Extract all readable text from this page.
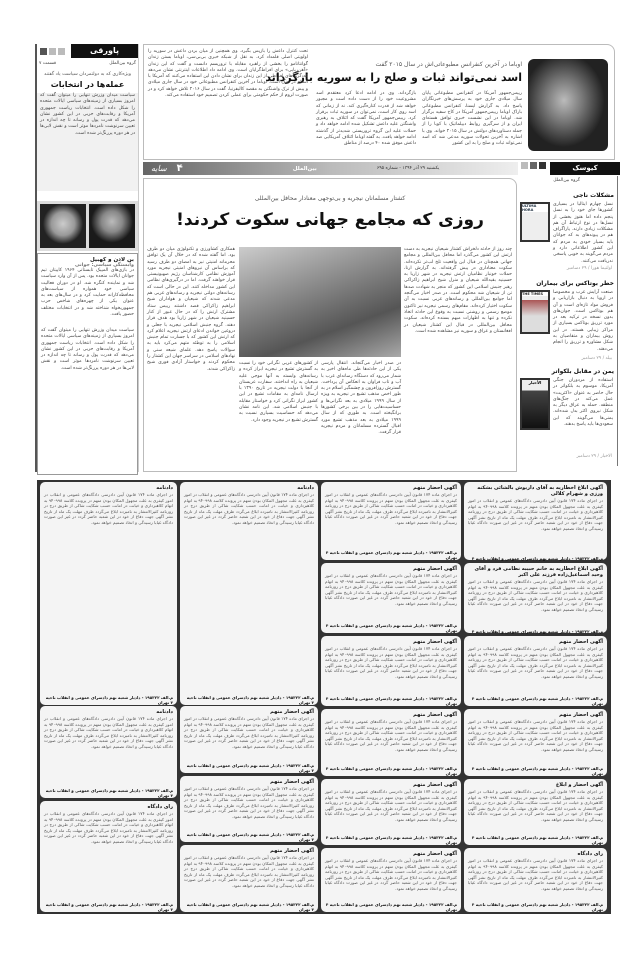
پاورقی
گروه بین‌الملل
قسمت ۷
ویژه‌کاری که به دولتمردان سیاست یاد گفتند
عمله‌ها در انتخابات
سیاست میدان وزرش تنهایی را میتوان گفت که امروز بسیاری از زمینه‌های سیاسی ایالات متحده را شکل داده است. انتخابات ریاست جمهوری آمریکا و رقابت‌های حزبی در این کشور نشان می‌دهد که قدرت پول و رسانه تا چه اندازه در تعیین سرنوشت نامزدها موثر است و نقش لابی‌ها در هر دوره پررنگ‌تر شده است.
بن لادن و کهبیل
وابستگی سیاسی: جوانی
در بازی‌های المپیک تابستانی ۱۹۶۴ کاپیتان تیم جوانان ایالات متحده بود. پس از آن وارد سیاست شد و نماینده کنگره شد. او در دوران فعالیت سیاسی خود همواره از سیاست‌های محافظه‌کارانه حمایت کرد و در سال‌های بعد به عنوان یکی از چهره‌های شاخص حزب جمهوریخواه شناخته شد و در انتخابات مختلف حضور یافت.
سیاست میدان وزرش تنهایی را میتوان گفت که امروز بسیاری از زمینه‌های سیاسی ایالات متحده را شکل داده است. انتخابات ریاست جمهوری آمریکا و رقابت‌های حزبی در این کشور نشان می‌دهد که قدرت پول و رسانه تا چه اندازه در تعیین سرنوشت نامزدها موثر است و نقش لابی‌ها در هر دوره پررنگ‌تر شده است.
اوباما در آخرین کنفرانس مطبوعاتی‌اش در سال ۲۰۱۵ گفت
اسد نمی‌تواند ثبات و صلح را به سوریه بازگرداند
رییس‌جمهور آمریکا در کنفرانس مطبوعاتی پایان سال میلادی جاری خود به پرسش‌های خبرنگاران پاسخ داد. به گزارش ایسنا، کنفرانس مطبوعاتی باراک اوباما رییس‌جمهور آمریکا در کاخ سفید برگزار شد. اوباما در این نشست خبری توافق هسته‌ای ایران و از سرگیری روابط دیپلماتیک با کوبا را از جمله دستاوردهای دولتش در سال ۲۰۱۵ خواند. وی با اشاره به آخرین تحولات سوریه مدعی شد که اسد نمی‌تواند ثبات و صلح را به این کشور
بازگرداند. وی در ادامه ادعا کرد معتقدم اسد مشروعیت خود را از دست داده است و مجبور خواهد شد از قدرت کناره‌گیری کند. نه از زمانی که اسد روی کار است، نمی‌توان در سوریه ثبات برقرار کرد. رییس‌جمهور آمریکا گفت که ائتلاف به رهبری واشنگتن علیه داعش تشکیل شده ادامه خواهد داد و حملات علیه این گروه تروریستی شدیدتر از گذشته ادامه خواهد یافت. به گفته اوباما ائتلاف آمریکایی صد داعش موفق شده ۴۰ درصد از مناطق
تحت کنترل داعش را بازپس بگیرد. وی همچنین از میان بردن داعش در سوریه را اولویتی اصلی قلمداد کرد. به نقل از شبکه خبری بی‌بی‌سی، اوباما بستن زندان گوانتانامو را بخشی از راهبرد مقابله با تروریسم دانست و گفت که این زندان «آهن‌ربایی» برای افراط‌گرایان است. وی ادامه داد اطلاعات اینترنتی نشان می‌دهد که گروه‌های افراطی از این زندان برای نشان دادن این استفاده می‌کنند که آمریکا با اسلام در جنگ است. اوباما در آخرین کنفرانس مطبوعاتی خود در سال جاری میلادی و پیش از ترک واشنگتن به مقصد کالیفرنیا، گفت در سال ۲۰۱۶ تلاش خواهد کرد و در صورت لزوم از حکم حکومتی برای عملی کردن تصمیم خود استفاده می‌کند.
سایه ۴	بین‌الملل	یکشنبه ۲۹ آذر ۱۳۹۴ - شماره ۶۹۵	کیوسک
گروه بین‌الملل
مشکلات ناجی
ULTIMA HORA
نسل چهارم ایتالیا در بسیاری کشورها جای خود را به نسل پنجم داده اما هنوز بخشی از نسل‌ها در نوع ارتباط آن هم مشکلات زیادی دارند. پاراگراف هم در پیوندهای به که جوانان باید بسیار خودی به مردم که این کشور اطلاعاتی دارد و مردم می‌گویند به خوبی پاسخی ندریافت می‌کنند.
اولتیما هورا / ۲۹ دسامبر
خطر بوتاکس برای بیماران
THE TIMES	صنعت آرایش غرب و مخصوصا در اروپا به دنبال بازاریابی و فروش مواد تازه‌ای است و آن هم بوتاکس است. جوان‌های بدون نسخه در ترکیه بعد در مورد تزریق بوتاکس بسیاری از مراکز زیبایی هستند. در این روش بیماران و متقاضیان به شکل مشاوره و تزریق را انجام می‌دهند.
بیلد / ۲۹ دسامبر
یمن در مقابل بلکواتر
الأخبار	استفاده از مزدوران جنگی آمریکا، موسوم به بلکواتر در حال حاضر به عنوان «اکثریت» عمل می‌کند در جنگ‌های منطقه. حمله به عراق دیگر به شکل نیروی اکثر بدل شده‌اند. یمنی‌ها می‌گویند که این سعودی‌ها باید پاسخ بدهند.
الاخبار / ۲۹ دسامبر
کشتار مسلمانان نیجریه و بی‌توجهی معنادار محافل بین‌المللی
روزی که مجامع جهانی سکوت کردند!
چند روز از حادثه دلخراش کشتار شیعیان نیجریه به دست ارتش این کشور می‌گذرد اما محافل بین‌المللی و مجامع جهانی همچنان در قبال این واقعیت تلخ لب‌تر نکرده‌اند. سکوت معناداری در پیش گرفته‌اند. به گزارش ارنا، حملات خونبار نظامیان ارتش نیجریه در شهر زاریا به حسینیه بقیه‌الله شیعیان و منزل شیخ ابراهیم زاکزاکی رهبر جنبش اسلامی این کشور که منجر به شهادت صدها تن از شیعیان شد محکوم است. در صدر اخبار می‌گنجد اما جوامع بین‌المللی و رسانه‌های غربی نسبت به آن سکوت اختیار کرده‌اند. مقام‌های رسمی نیجریه نیز تاکنون موضع رسمی و روشنی نسبت به وقوع این حادثه اتخاذ نکرده و تنها به اظهارات مبهم بسنده کرده‌اند. سکوت محافل بین‌المللی در قبال این کشتار شیعیان در افغانستان و عراق و سوریه نیز مشاهده شده است.
در صدر اخبار می‌گنجاند. انتقال پارسی یکی از این حادثه‌ها طی ماه‌های اخیر به شمار می‌رود که دستگاه رسانه‌ای غرب با آب و تاب فراوان به انعکاس آن پرداخت. گسترش روزافزون و چشمگیر اسلام در به طور اخص مذهب تشیع در نیجریه به ویژه از سال ۱۹۹۹ میلادی به بعد نگرانی‌ها و حساسیت‌هایی را در بین برخی کشورها برانگیخته است. به طوری که از سال ۱۹۹۹ میلادی به بعد مذهب تشیع مورد اقبال گسترده مسلمانان و مردم نیجریه قرار گرفت.
از کشورهای عربی نگرانی خود را نسبت به گسترش تشیع در نیجریه ابراز کرده و رسانه‌های وابسته به آنها موجی علیه شیعیان به راه انداختند. سفارت عربستان از آنجا با دولت نیجریه در تاریخ ۱۳۹۰ با ارسال نامه‌ای به مقامات تشیع در این کشور ابراز نگرانی کرد و خواستار مقابله با جنبش اسلامی شد. این نامه نشان می‌دهد که حساسیت بسیاری نسبت به گسترش تشیع در نیجریه وجود دارد.
همکاری کشاورزی و تکنولوژی میان دو طرف بود. اما گفته شده که در خلال آن یک توافق محرمانه امنیتی نیز به امضای دو طرف رسید که براساس آن نیروهای امنیتی نیجریه مورد آموزش نظامی کارشناسان رژیم صهیونیستی قرار خواهند گرفت. اما در درگیری‌های نظامی این کشور مداخله کنند. این در حالی است که رسانه‌های دولتی نیجریه و رسانه‌های غربی هم مدعی شدند که شیعیان و هواداران شیخ ابراهیم زاکزاکی قصد داشتند رییس ستاد مشترک ارتش را که در حال عبور از کنار حسینیه شیعیان در شهر زاریا بود هدف قرار دهند. گروه جنبش اسلامی نیجریه با جعلی و دروغین خواندن ادعای ارتش نیجریه اعلام کرد که ارتش این کشور که با جسارت تمام جنبش اسلامی را به توطئه متهم می‌کرد باید به سوالات پاسخ دهد. علمای شیعه سنی و نهادهای اسلامی در سراسر جهان این کشتار را محکوم کردند و خواستار آزادی فوری شیخ زاکزاکی شدند.
دادنامه
در اجرای ماده ۱۷۴ قانون آیین دادرسی دادگاه‌های عمومی و انقلاب در امور کیفری به علت مجهول المکان بودن متهم در پرونده کلاسه ۹۴۰۹۹۸ به اتهام کلاهبرداری و خیانت در امانت حسب شکایت شاکی از طریق درج در روزنامه کثیرالانتشار به نامبرده ابلاغ می‌گردد ظرف مهلت یک ماه از تاریخ نشر آگهی جهت دفاع از خود در این شعبه حاضر گردد در غیر این صورت دادگاه غیابا رسیدگی و اتخاذ تصمیم خواهد نمود.
م.الف ۱۹۵۳۲۲ - دادیار شعبه نهم دادسرای عمومی و انقلاب ناحیه ۴ تهران
دادنامه
در اجرای ماده ۱۷۴ قانون آیین دادرسی دادگاه‌های عمومی و انقلاب در امور کیفری به علت مجهول المکان بودن متهم در پرونده کلاسه ۹۴۰۹۹۸ به اتهام کلاهبرداری و خیانت در امانت حسب شکایت شاکی از طریق درج در روزنامه کثیرالانتشار به نامبرده ابلاغ می‌گردد ظرف مهلت یک ماه از تاریخ نشر آگهی جهت دفاع از خود در این شعبه حاضر گردد در غیر این صورت دادگاه غیابا رسیدگی و اتخاذ تصمیم خواهد نمود.
م.الف ۱۹۵۳۲۲ - دادیار شعبه نهم دادسرای عمومی و انقلاب ناحیه ۴ تهران
رای دادگاه
در اجرای ماده ۱۷۴ قانون آیین دادرسی دادگاه‌های عمومی و انقلاب در امور کیفری به علت مجهول المکان بودن متهم در پرونده کلاسه ۹۴۰۹۹۸ به اتهام کلاهبرداری و خیانت در امانت حسب شکایت شاکی از طریق درج در روزنامه کثیرالانتشار به نامبرده ابلاغ می‌گردد ظرف مهلت یک ماه از تاریخ نشر آگهی جهت دفاع از خود در این شعبه حاضر گردد در غیر این صورت دادگاه غیابا رسیدگی و اتخاذ تصمیم خواهد نمود.
م.الف ۱۹۵۳۲۲ - دادیار شعبه نهم دادسرای عمومی و انقلاب ناحیه ۴ تهران
دادنامه
در اجرای ماده ۱۷۴ قانون آیین دادرسی دادگاه‌های عمومی و انقلاب در امور کیفری به علت مجهول المکان بودن متهم در پرونده کلاسه ۹۴۰۹۹۸ به اتهام کلاهبرداری و خیانت در امانت حسب شکایت شاکی از طریق درج در روزنامه کثیرالانتشار به نامبرده ابلاغ می‌گردد ظرف مهلت یک ماه از تاریخ نشر آگهی جهت دفاع از خود در این شعبه حاضر گردد در غیر این صورت دادگاه غیابا رسیدگی و اتخاذ تصمیم خواهد نمود.
م.الف ۱۹۵۳۲۲ - دادیار شعبه نهم دادسرای عمومی و انقلاب ناحیه ۴ تهران
آگهی احضار متهم
در اجرای ماده ۱۷۴ قانون آیین دادرسی دادگاه‌های عمومی و انقلاب در امور کیفری به علت مجهول المکان بودن متهم در پرونده کلاسه ۹۴۰۹۹۸ به اتهام کلاهبرداری و خیانت در امانت حسب شکایت شاکی از طریق درج در روزنامه کثیرالانتشار به نامبرده ابلاغ می‌گردد ظرف مهلت یک ماه از تاریخ نشر آگهی جهت دفاع از خود در این شعبه حاضر گردد در غیر این صورت دادگاه غیابا رسیدگی و اتخاذ تصمیم خواهد نمود.
م.الف ۱۹۵۳۲۲ - دادیار شعبه نهم دادسرای عمومی و انقلاب ناحیه ۴ تهران
آگهی احضار متهم
در اجرای ماده ۱۷۴ قانون آیین دادرسی دادگاه‌های عمومی و انقلاب در امور کیفری به علت مجهول المکان بودن متهم در پرونده کلاسه ۹۴۰۹۹۸ به اتهام کلاهبرداری و خیانت در امانت حسب شکایت شاکی از طریق درج در روزنامه کثیرالانتشار به نامبرده ابلاغ می‌گردد ظرف مهلت یک ماه از تاریخ نشر آگهی جهت دفاع از خود در این شعبه حاضر گردد در غیر این صورت دادگاه غیابا رسیدگی و اتخاذ تصمیم خواهد نمود.
م.الف ۱۹۵۳۲۲ - دادیار شعبه نهم دادسرای عمومی و انقلاب ناحیه ۴ تهران
آگهی احضار متهم
در اجرای ماده ۱۷۴ قانون آیین دادرسی دادگاه‌های عمومی و انقلاب در امور کیفری به علت مجهول المکان بودن متهم در پرونده کلاسه ۹۴۰۹۹۸ به اتهام کلاهبرداری و خیانت در امانت حسب شکایت شاکی از طریق درج در روزنامه کثیرالانتشار به نامبرده ابلاغ می‌گردد ظرف مهلت یک ماه از تاریخ نشر آگهی جهت دفاع از خود در این شعبه حاضر گردد در غیر این صورت دادگاه غیابا رسیدگی و اتخاذ تصمیم خواهد نمود.
م.الف ۱۹۵۳۲۲ - دادیار شعبه نهم دادسرای عمومی و انقلاب ناحیه ۴ تهران
آگهی احضار متهم
در اجرای ماده ۱۷۴ قانون آیین دادرسی دادگاه‌های عمومی و انقلاب در امور کیفری به علت مجهول المکان بودن متهم در پرونده کلاسه ۹۴۰۹۹۸ به اتهام کلاهبرداری و خیانت در امانت حسب شکایت شاکی از طریق درج در روزنامه کثیرالانتشار به نامبرده ابلاغ می‌گردد ظرف مهلت یک ماه از تاریخ نشر آگهی جهت دفاع از خود در این شعبه حاضر گردد در غیر این صورت دادگاه غیابا رسیدگی و اتخاذ تصمیم خواهد نمود.
م.الف ۱۹۵۳۲۲ - دادیار شعبه نهم دادسرای عمومی و انقلاب ناحیه ۴ تهران
آگهی احضار متهم
در اجرای ماده ۱۷۴ قانون آیین دادرسی دادگاه‌های عمومی و انقلاب در امور کیفری به علت مجهول المکان بودن متهم در پرونده کلاسه ۹۴۰۹۹۸ به اتهام کلاهبرداری و خیانت در امانت حسب شکایت شاکی از طریق درج در روزنامه کثیرالانتشار به نامبرده ابلاغ می‌گردد ظرف مهلت یک ماه از تاریخ نشر آگهی جهت دفاع از خود در این شعبه حاضر گردد در غیر این صورت دادگاه غیابا رسیدگی و اتخاذ تصمیم خواهد نمود.
م.الف ۱۹۵۳۲۲ - دادیار شعبه نهم دادسرای عمومی و انقلاب ناحیه ۴ تهران
آگهی احضار متهم
در اجرای ماده ۱۷۴ قانون آیین دادرسی دادگاه‌های عمومی و انقلاب در امور کیفری به علت مجهول المکان بودن متهم در پرونده کلاسه ۹۴۰۹۹۸ به اتهام کلاهبرداری و خیانت در امانت حسب شکایت شاکی از طریق درج در روزنامه کثیرالانتشار به نامبرده ابلاغ می‌گردد ظرف مهلت یک ماه از تاریخ نشر آگهی جهت دفاع از خود در این شعبه حاضر گردد در غیر این صورت دادگاه غیابا رسیدگی و اتخاذ تصمیم خواهد نمود.
م.الف ۱۹۵۳۲۲ - دادیار شعبه نهم دادسرای عمومی و انقلاب ناحیه ۴ تهران
آگهی احضار متهم
در اجرای ماده ۱۷۴ قانون آیین دادرسی دادگاه‌های عمومی و انقلاب در امور کیفری به علت مجهول المکان بودن متهم در پرونده کلاسه ۹۴۰۹۹۸ به اتهام کلاهبرداری و خیانت در امانت حسب شکایت شاکی از طریق درج در روزنامه کثیرالانتشار به نامبرده ابلاغ می‌گردد ظرف مهلت یک ماه از تاریخ نشر آگهی جهت دفاع از خود در این شعبه حاضر گردد در غیر این صورت دادگاه غیابا رسیدگی و اتخاذ تصمیم خواهد نمود.
م.الف ۱۹۵۳۲۲ - دادیار شعبه نهم دادسرای عمومی و انقلاب ناحیه ۴ تهران
آگهی احضار متهم
در اجرای ماده ۱۷۴ قانون آیین دادرسی دادگاه‌های عمومی و انقلاب در امور کیفری به علت مجهول المکان بودن متهم در پرونده کلاسه ۹۴۰۹۹۸ به اتهام کلاهبرداری و خیانت در امانت حسب شکایت شاکی از طریق درج در روزنامه کثیرالانتشار به نامبرده ابلاغ می‌گردد ظرف مهلت یک ماه از تاریخ نشر آگهی جهت دفاع از خود در این شعبه حاضر گردد در غیر این صورت دادگاه غیابا رسیدگی و اتخاذ تصمیم خواهد نمود.
م.الف ۱۹۵۳۲۲ - دادیار شعبه نهم دادسرای عمومی و انقلاب ناحیه ۴ تهران
آگهی احضار متهم
در اجرای ماده ۱۷۴ قانون آیین دادرسی دادگاه‌های عمومی و انقلاب در امور کیفری به علت مجهول المکان بودن متهم در پرونده کلاسه ۹۴۰۹۹۸ به اتهام کلاهبرداری و خیانت در امانت حسب شکایت شاکی از طریق درج در روزنامه کثیرالانتشار به نامبرده ابلاغ می‌گردد ظرف مهلت یک ماه از تاریخ نشر آگهی جهت دفاع از خود در این شعبه حاضر گردد در غیر این صورت دادگاه غیابا رسیدگی و اتخاذ تصمیم خواهد نمود.
م.الف ۱۹۵۳۲۲ - دادیار شعبه نهم دادسرای عمومی و انقلاب ناحیه ۴ تهران
آگهی ابلاغ اخطاریه به آقای داریوش بالشائی بشکنه ورزی و شهرام کلالی
در اجرای ماده ۱۷۴ قانون آیین دادرسی دادگاه‌های عمومی و انقلاب در امور کیفری به علت مجهول المکان بودن متهم در پرونده کلاسه ۹۴۰۹۹۸ به اتهام کلاهبرداری و خیانت در امانت حسب شکایت شاکی از طریق درج در روزنامه کثیرالانتشار به نامبرده ابلاغ می‌گردد ظرف مهلت یک ماه از تاریخ نشر آگهی جهت دفاع از خود در این شعبه حاضر گردد در غیر این صورت دادگاه غیابا رسیدگی و اتخاذ تصمیم خواهد نمود.
م.الف ۱۹۵۳۲۲ - دادیار شعبه نهم دادسرای عمومی و انقلاب ناحیه ۴
آگهی ابلاغ اخطاریه به خانم حبیبه نظامی فرد و آقای وحید اسماعیل‌زاده فرزند علی اکبر
در اجرای ماده ۱۷۴ قانون آیین دادرسی دادگاه‌های عمومی و انقلاب در امور کیفری به علت مجهول المکان بودن متهم در پرونده کلاسه ۹۴۰۹۹۸ به اتهام کلاهبرداری و خیانت در امانت حسب شکایت شاکی از طریق درج در روزنامه کثیرالانتشار به نامبرده ابلاغ می‌گردد ظرف مهلت یک ماه از تاریخ نشر آگهی جهت دفاع از خود در این شعبه حاضر گردد در غیر این صورت دادگاه غیابا رسیدگی و اتخاذ تصمیم خواهد نمود.
م.الف ۱۹۵۳۲۲ - دادیار شعبه نهم دادسرای عمومی و انقلاب ناحیه ۴
آگهی احضار متهم
در اجرای ماده ۱۷۴ قانون آیین دادرسی دادگاه‌های عمومی و انقلاب در امور کیفری به علت مجهول المکان بودن متهم در پرونده کلاسه ۹۴۰۹۹۸ به اتهام کلاهبرداری و خیانت در امانت حسب شکایت شاکی از طریق درج در روزنامه کثیرالانتشار به نامبرده ابلاغ می‌گردد ظرف مهلت یک ماه از تاریخ نشر آگهی جهت دفاع از خود در این شعبه حاضر گردد در غیر این صورت دادگاه غیابا رسیدگی و اتخاذ تصمیم خواهد نمود.
م.الف ۱۹۵۳۲۲ - دادیار شعبه نهم دادسرای عمومی و انقلاب ناحیه ۴ تهران
آگهی احضار متهم
در اجرای ماده ۱۷۴ قانون آیین دادرسی دادگاه‌های عمومی و انقلاب در امور کیفری به علت مجهول المکان بودن متهم در پرونده کلاسه ۹۴۰۹۹۸ به اتهام کلاهبرداری و خیانت در امانت حسب شکایت شاکی از طریق درج در روزنامه کثیرالانتشار به نامبرده ابلاغ می‌گردد ظرف مهلت یک ماه از تاریخ نشر آگهی جهت دفاع از خود در این شعبه حاضر گردد در غیر این صورت دادگاه غیابا رسیدگی و اتخاذ تصمیم خواهد نمود.
م.الف ۱۹۵۳۲۲ - دادیار شعبه نهم دادسرای عمومی و انقلاب ناحیه ۴ تهران
آگهی احضار و ابلاغ
در اجرای ماده ۱۷۴ قانون آیین دادرسی دادگاه‌های عمومی و انقلاب در امور کیفری به علت مجهول المکان بودن متهم در پرونده کلاسه ۹۴۰۹۹۸ به اتهام کلاهبرداری و خیانت در امانت حسب شکایت شاکی از طریق درج در روزنامه کثیرالانتشار به نامبرده ابلاغ می‌گردد ظرف مهلت یک ماه از تاریخ نشر آگهی جهت دفاع از خود در این شعبه حاضر گردد در غیر این صورت دادگاه غیابا رسیدگی و اتخاذ تصمیم خواهد نمود.
م.الف ۱۹۵۳۲۲ - دادیار شعبه نهم دادسرای عمومی و انقلاب ناحیه ۴ تهران
رای دادگاه
در اجرای ماده ۱۷۴ قانون آیین دادرسی دادگاه‌های عمومی و انقلاب در امور کیفری به علت مجهول المکان بودن متهم در پرونده کلاسه ۹۴۰۹۹۸ به اتهام کلاهبرداری و خیانت در امانت حسب شکایت شاکی از طریق درج در روزنامه کثیرالانتشار به نامبرده ابلاغ می‌گردد ظرف مهلت یک ماه از تاریخ نشر آگهی جهت دفاع از خود در این شعبه حاضر گردد در غیر این صورت دادگاه غیابا رسیدگی و اتخاذ تصمیم خواهد نمود.
م.الف ۱۹۵۳۲۲ - دادیار شعبه نهم دادسرای عمومی و انقلاب ناحیه ۴ تهران
